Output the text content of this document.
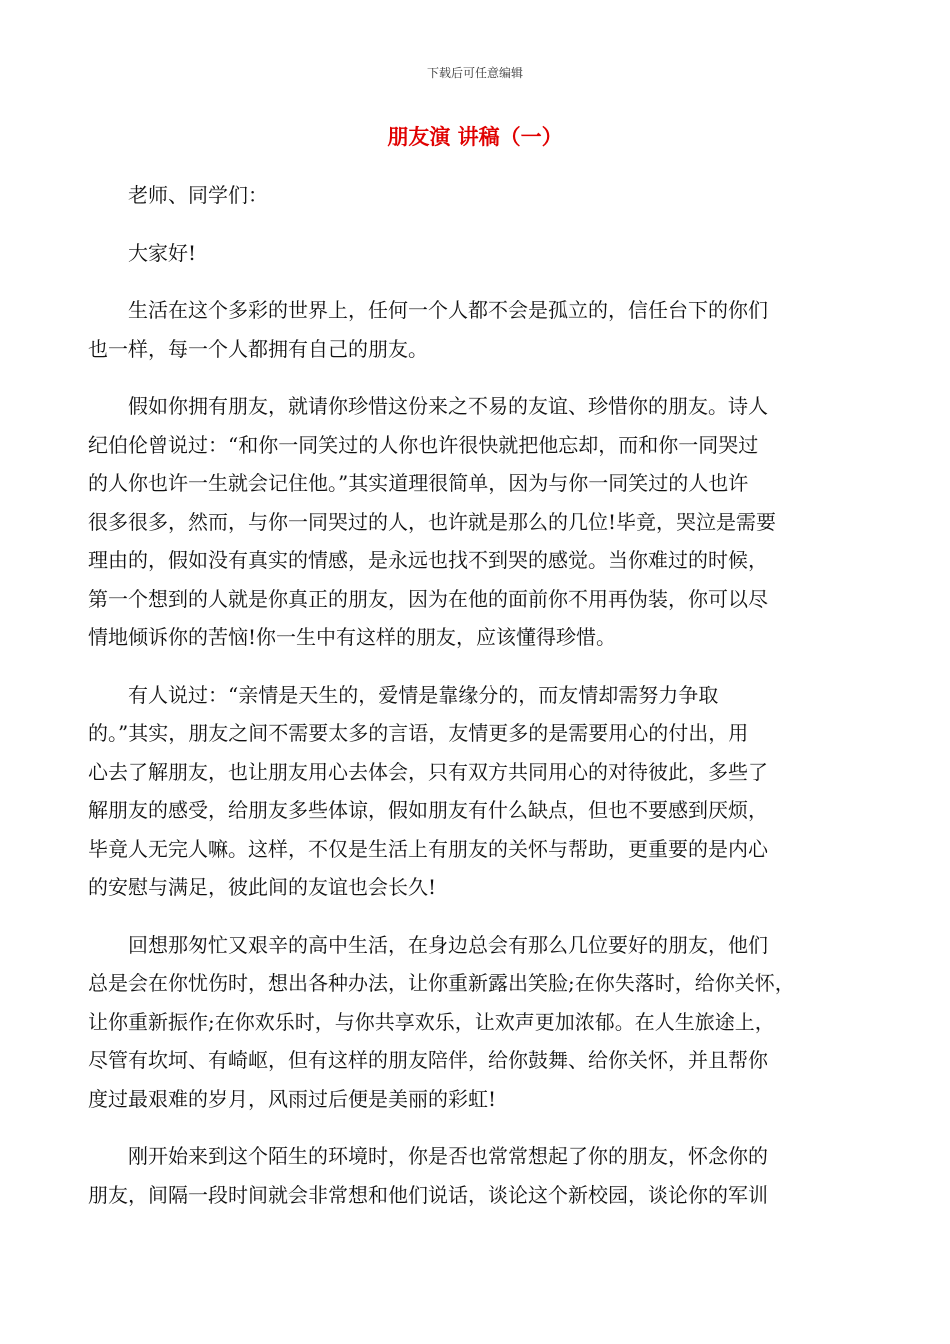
下载后可任意编辑
朋友演 讲稿（一）

老师、同学们：

大家好!

生活在这个多彩的世界上，任何一个人都不会是孤立的，信任台下的你们
也一样，每一个人都拥有自己的朋友。

假如你拥有朋友，就请你珍惜这份来之不易的友谊、珍惜你的朋友。诗人
纪伯伦曾说过：“和你一同笑过的人你也许很快就把他忘却，而和你一同哭过
的人你也许一生就会记住他。”其实道理很简单，因为与你一同笑过的人也许
很多很多，然而，与你一同哭过的人，也许就是那么的几位!毕竟，哭泣是需要
理由的，假如没有真实的情感，是永远也找不到哭的感觉。当你难过的时候，
第一个想到的人就是你真正的朋友，因为在他的面前你不用再伪装，你可以尽
情地倾诉你的苦恼!你一生中有这样的朋友，应该懂得珍惜。

有人说过：“亲情是天生的，爱情是靠缘分的，而友情却需努力争取
的。”其实，朋友之间不需要太多的言语，友情更多的是需要用心的付出，用
心去了解朋友，也让朋友用心去体会，只有双方共同用心的对待彼此，多些了
解朋友的感受，给朋友多些体谅，假如朋友有什么缺点，但也不要感到厌烦，
毕竟人无完人嘛。这样，不仅是生活上有朋友的关怀与帮助，更重要的是内心
的安慰与满足，彼此间的友谊也会长久!

回想那匆忙又艰辛的高中生活，在身边总会有那么几位要好的朋友，他们
总是会在你忧伤时，想出各种办法，让你重新露出笑脸;在你失落时，给你关怀，
让你重新振作;在你欢乐时，与你共享欢乐，让欢声更加浓郁。在人生旅途上，
尽管有坎坷、有崎岖，但有这样的朋友陪伴，给你鼓舞、给你关怀，并且帮你
度过最艰难的岁月，风雨过后便是美丽的彩虹!

刚开始来到这个陌生的环境时，你是否也常常想起了你的朋友，怀念你的
朋友，间隔一段时间就会非常想和他们说话，谈论这个新校园，谈论你的军训
